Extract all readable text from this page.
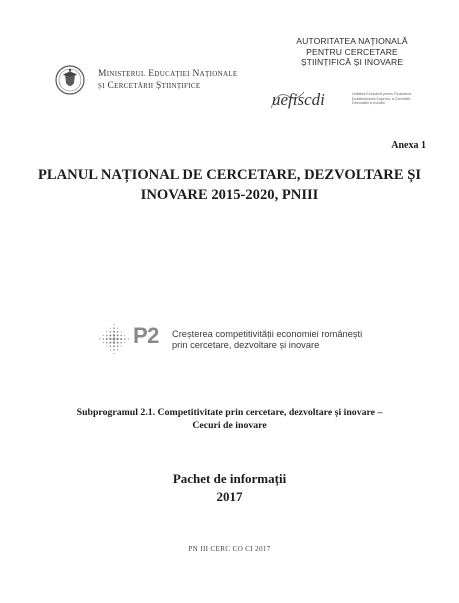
Ministerul Educației Naționale
și Cercetării Științifice
AUTORITATEA NAȚIONALĂ
PENTRU CERCETARE
ȘTIINȚIFICĂ ȘI INOVARE
uefiscdi	Unitatea Executivă pentru Finanțarea
Învățământului Superior, a Cercetării,
Dezvoltării și Inovării
Anexa 1
PLANUL NAȚIONAL DE CERCETARE, DEZVOLTARE ȘI
INOVARE 2015-2020, PNIII
P2 Creșterea competitivității economiei românești
prin cercetare, dezvoltare și inovare
Subprogramul 2.1. Competitivitate prin cercetare, dezvoltare și inovare –
Cecuri de inovare
Pachet de informații
2017
PN III CERC CO CI 2017
